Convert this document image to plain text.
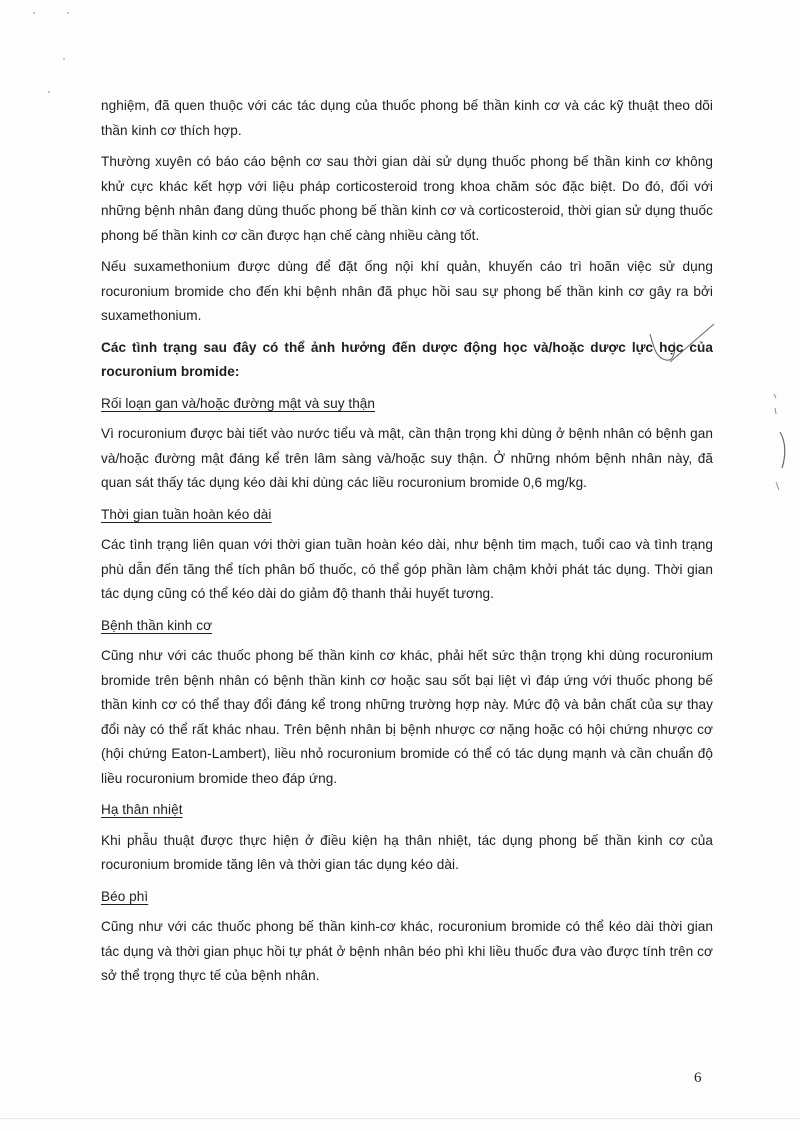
nghiệm, đã quen thuộc với các tác dụng của thuốc phong bế thần kinh cơ và các kỹ thuật theo dõi thần kinh cơ thích hợp.

Thường xuyên có báo cáo bệnh cơ sau thời gian dài sử dụng thuốc phong bế thần kinh cơ không khử cực khác kết hợp với liệu pháp corticosteroid trong khoa chăm sóc đặc biệt. Do đó, đối với những bệnh nhân đang dùng thuốc phong bế thần kinh cơ và corticosteroid, thời gian sử dụng thuốc phong bế thần kinh cơ cần được hạn chế càng nhiều càng tốt.

Nếu suxamethonium được dùng để đặt ống nội khí quản, khuyến cáo trì hoãn việc sử dụng rocuronium bromide cho đến khi bệnh nhân đã phục hồi sau sự phong bế thần kinh cơ gây ra bởi suxamethonium.

Các tình trạng sau đây có thể ảnh hưởng đến dược động học và/hoặc dược lực học của rocuronium bromide:

Rối loạn gan và/hoặc đường mật và suy thận

Vì rocuronium được bài tiết vào nước tiểu và mật, cần thận trọng khi dùng ở bệnh nhân có bệnh gan và/hoặc đường mật đáng kể trên lâm sàng và/hoặc suy thận. Ở những nhóm bệnh nhân này, đã quan sát thấy tác dụng kéo dài khi dùng các liều rocuronium bromide 0,6 mg/kg.

Thời gian tuần hoàn kéo dài

Các tình trạng liên quan với thời gian tuần hoàn kéo dài, như bệnh tim mạch, tuổi cao và tình trạng phù dẫn đến tăng thể tích phân bố thuốc, có thể góp phần làm chậm khởi phát tác dụng. Thời gian tác dụng cũng có thể kéo dài do giảm độ thanh thải huyết tương.

Bệnh thần kinh cơ

Cũng như với các thuốc phong bế thần kinh cơ khác, phải hết sức thận trọng khi dùng rocuronium bromide trên bệnh nhân có bệnh thần kinh cơ hoặc sau sốt bại liệt vì đáp ứng với thuốc phong bế thần kinh cơ có thể thay đổi đáng kể trong những trường hợp này. Mức độ và bản chất của sự thay đổi này có thể rất khác nhau. Trên bệnh nhân bị bệnh nhược cơ nặng hoặc có hội chứng nhược cơ (hội chứng Eaton-Lambert), liều nhỏ rocuronium bromide có thể có tác dụng mạnh và cần chuẩn độ liều rocuronium bromide theo đáp ứng.

Hạ thân nhiệt

Khi phẫu thuật được thực hiện ở điều kiện hạ thân nhiệt, tác dụng phong bế thần kinh cơ của rocuronium bromide tăng lên và thời gian tác dụng kéo dài.

Béo phì

Cũng như với các thuốc phong bế thần kinh-cơ khác, rocuronium bromide có thể kéo dài thời gian tác dụng và thời gian phục hồi tự phát ở bệnh nhân béo phì khi liều thuốc đưa vào được tính trên cơ sở thể trọng thực tế của bệnh nhân.

6
